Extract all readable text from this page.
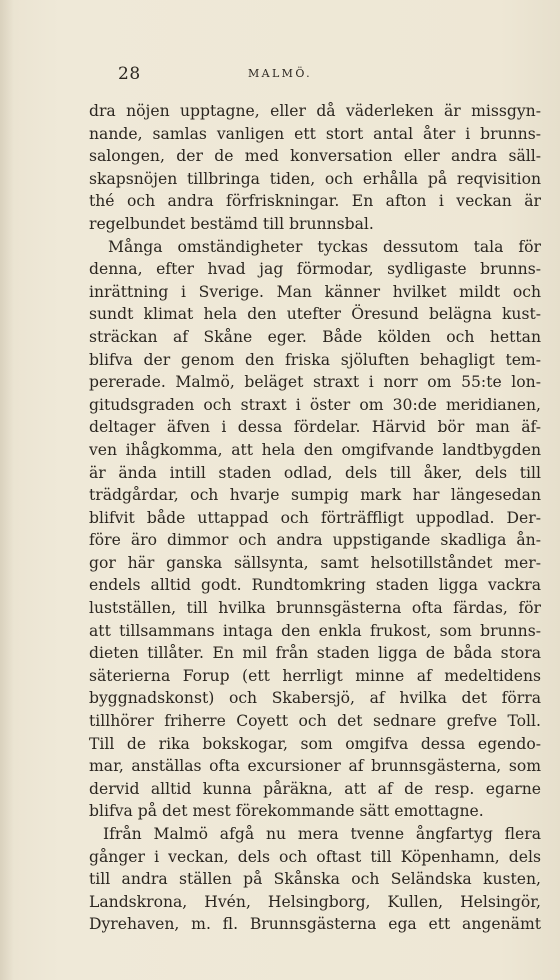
28	MALMÖ.
dra nöjen upptagne, eller då väderleken är missgyn-
nande, samlas vanligen ett stort antal åter i brunns-
salongen, der de med konversation eller andra säll-
skapsnöjen tillbringa tiden, och erhålla på reqvisition
thé och andra förfriskningar. En afton i veckan är
regelbundet bestämd till brunnsbal.
Många omständigheter tyckas dessutom tala för
denna, efter hvad jag förmodar, sydligaste brunns-
inrättning i Sverige. Man känner hvilket mildt och
sundt klimat hela den utefter Öresund belägna kust-
sträckan af Skåne eger. Både kölden och hettan
blifva der genom den friska sjöluften behagligt tem-
pererade. Malmö, beläget straxt i norr om 55:te lon-
gitudsgraden och straxt i öster om 30:de meridianen,
deltager äfven i dessa fördelar. Härvid bör man äf-
ven ihågkomma, att hela den omgifvande landtbygden
är ända intill staden odlad, dels till åker, dels till
trädgårdar, och hvarje sumpig mark har längesedan
blifvit både uttappad och förträffligt uppodlad. Der-
före äro dimmor och andra uppstigande skadliga ån-
gor här ganska sällsynta, samt helsotillståndet mer-
endels alltid godt. Rundtomkring staden ligga vackra
lustställen, till hvilka brunnsgästerna ofta färdas, för
att tillsammans intaga den enkla frukost, som brunns-
dieten tillåter. En mil från staden ligga de båda stora
säterierna Forup (ett herrligt minne af medeltidens
byggnadskonst) och Skabersjö, af hvilka det förra
tillhörer friherre Coyett och det sednare grefve Toll.
Till de rika bokskogar, som omgifva dessa egendo-
mar, anställas ofta excursioner af brunnsgästerna, som
dervid alltid kunna påräkna, att af de resp. egarne
blifva på det mest förekommande sätt emottagne.
Ifrån Malmö afgå nu mera tvenne ångfartyg flera
gånger i veckan, dels och oftast till Köpenhamn, dels
till andra ställen på Skånska och Seländska kusten,
Landskrona, Hvén, Helsingborg, Kullen, Helsingör,
Dyrehaven, m. fl. Brunnsgästerna ega ett angenämt
